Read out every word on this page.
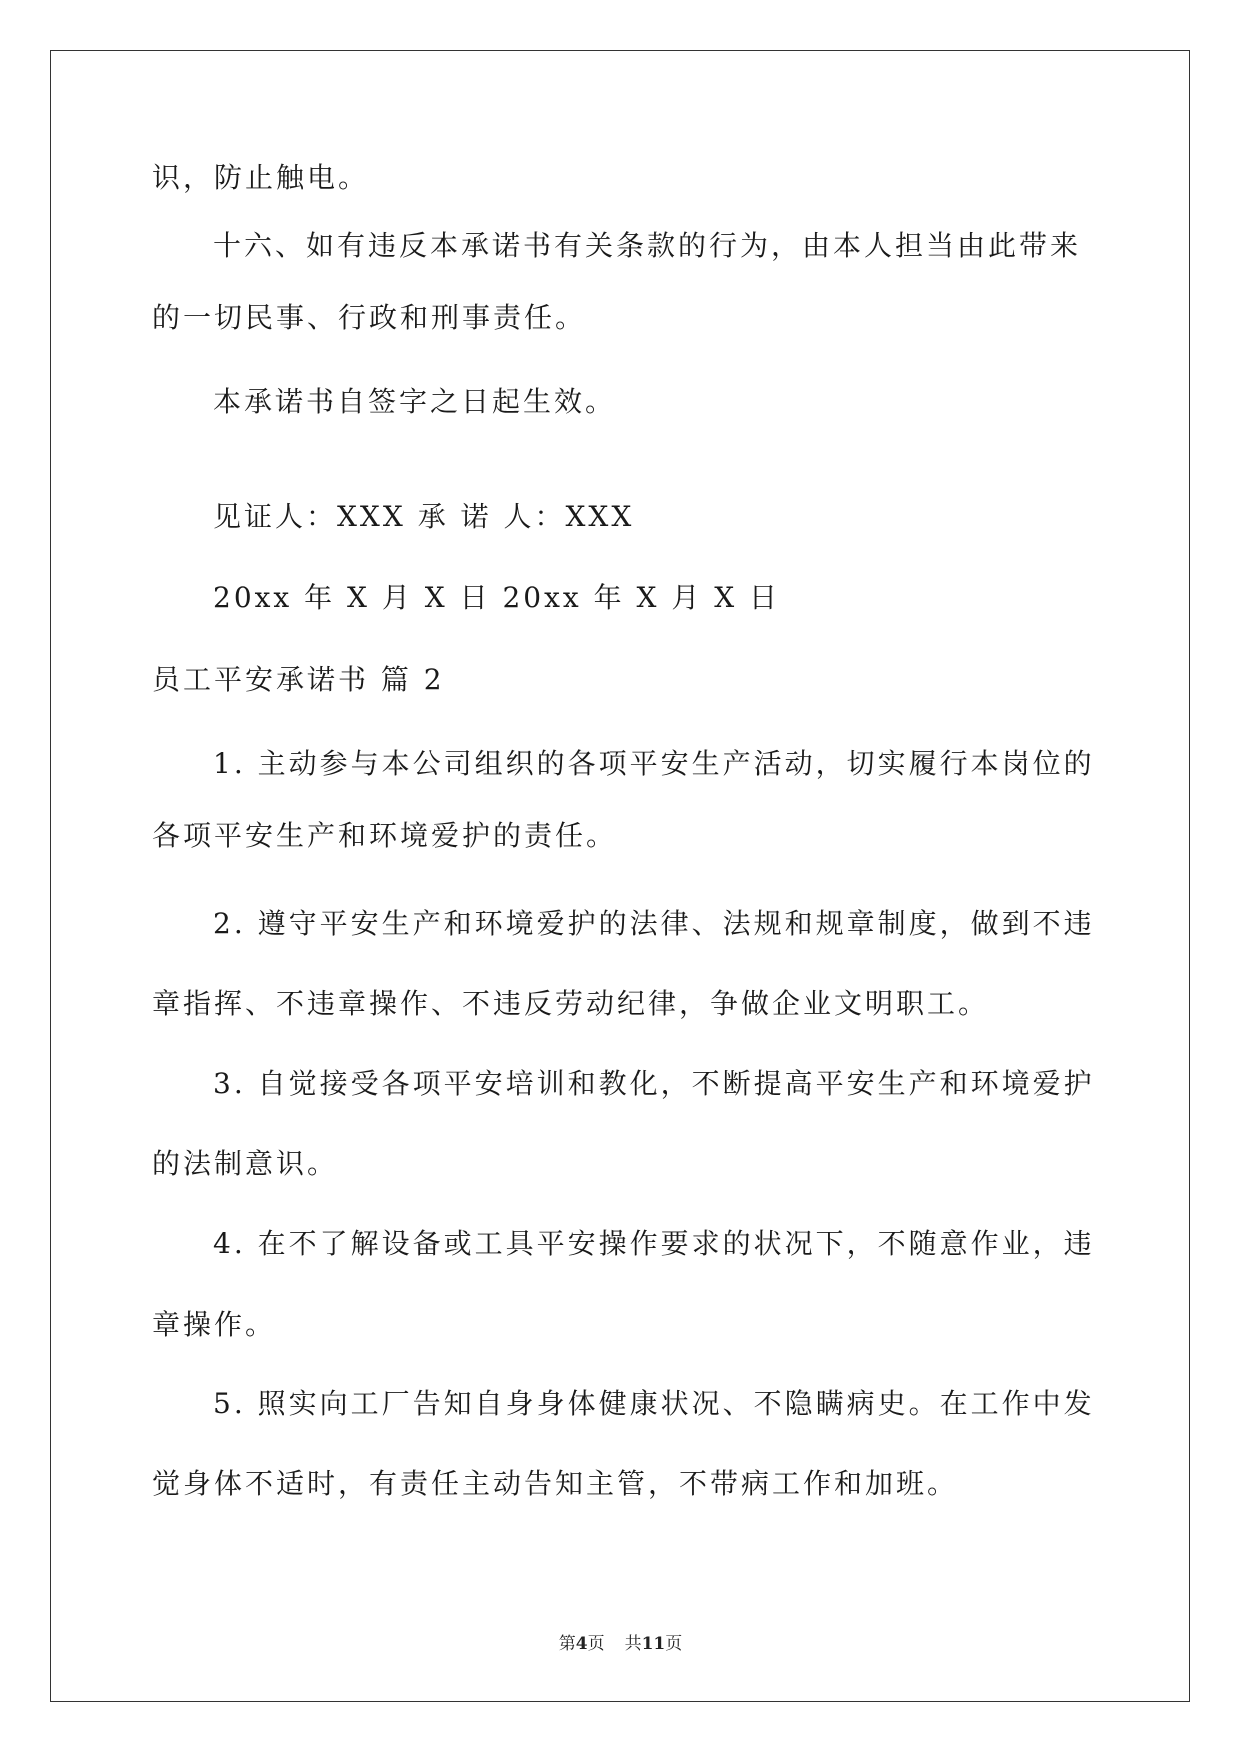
识，防止触电。
十六、如有违反本承诺书有关条款的行为，由本人担当由此带来
的一切民事、行政和刑事责任。
本承诺书自签字之日起生效。
见证人：XXX 承 诺 人：XXX
20xx 年 X 月 X 日 20xx 年 X 月 X 日
员工平安承诺书 篇 2
1. 主动参与本公司组织的各项平安生产活动，切实履行本岗位的
各项平安生产和环境爱护的责任。
2. 遵守平安生产和环境爱护的法律、法规和规章制度，做到不违
章指挥、不违章操作、不违反劳动纪律，争做企业文明职工。
3. 自觉接受各项平安培训和教化，不断提高平安生产和环境爱护
的法制意识。
4. 在不了解设备或工具平安操作要求的状况下，不随意作业，违
章操作。
5. 照实向工厂告知自身身体健康状况、不隐瞒病史。在工作中发
觉身体不适时，有责任主动告知主管，不带病工作和加班。
第4页 共11页
